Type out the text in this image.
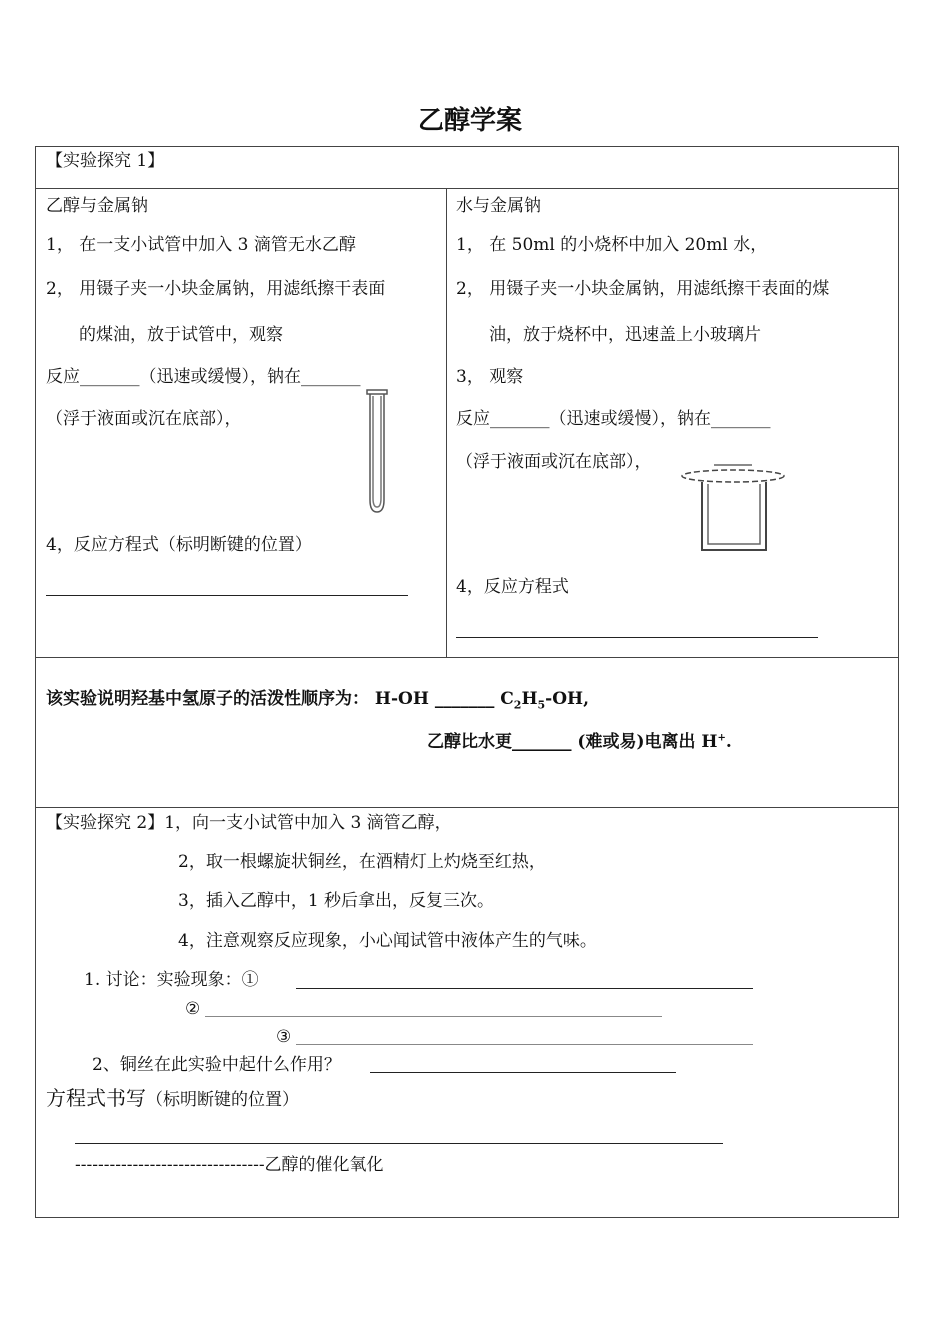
乙醇学案
【实验探究 1】
乙醇与金属钠
1， 在一支小试管中加入 3 滴管无水乙醇
2， 用镊子夹一小块金属钠，用滤纸擦干表面
的煤油，放于试管中，观察
反应_______（迅速或缓慢），钠在_______
（浮于液面或沉在底部），
4，反应方程式（标明断键的位置）
水与金属钠
1， 在 50ml 的小烧杯中加入 20ml 水，
2， 用镊子夹一小块金属钠，用滤纸擦干表面的煤
油，放于烧杯中，迅速盖上小玻璃片
3， 观察
反应_______（迅速或缓慢），钠在_______
（浮于液面或沉在底部），
4，反应方程式
该实验说明羟基中氢原子的活泼性顺序为： H-OH _______ $C_2H_5-OH$,
乙醇比水更_______ (难或易)电离出 H+.
【实验探究 2】1，向一支小试管中加入 3 滴管乙醇，
2，取一根螺旋状铜丝，在酒精灯上灼烧至红热，
3，插入乙醇中，1 秒后拿出，反复三次。
4，注意观察反应现象，小心闻试管中液体产生的气味。
1. 讨论：实验现象：①
②
③
2、铜丝在此实验中起什么作用？
方程式书写（标明断键的位置）
---------------------------------乙醇的催化氧化
